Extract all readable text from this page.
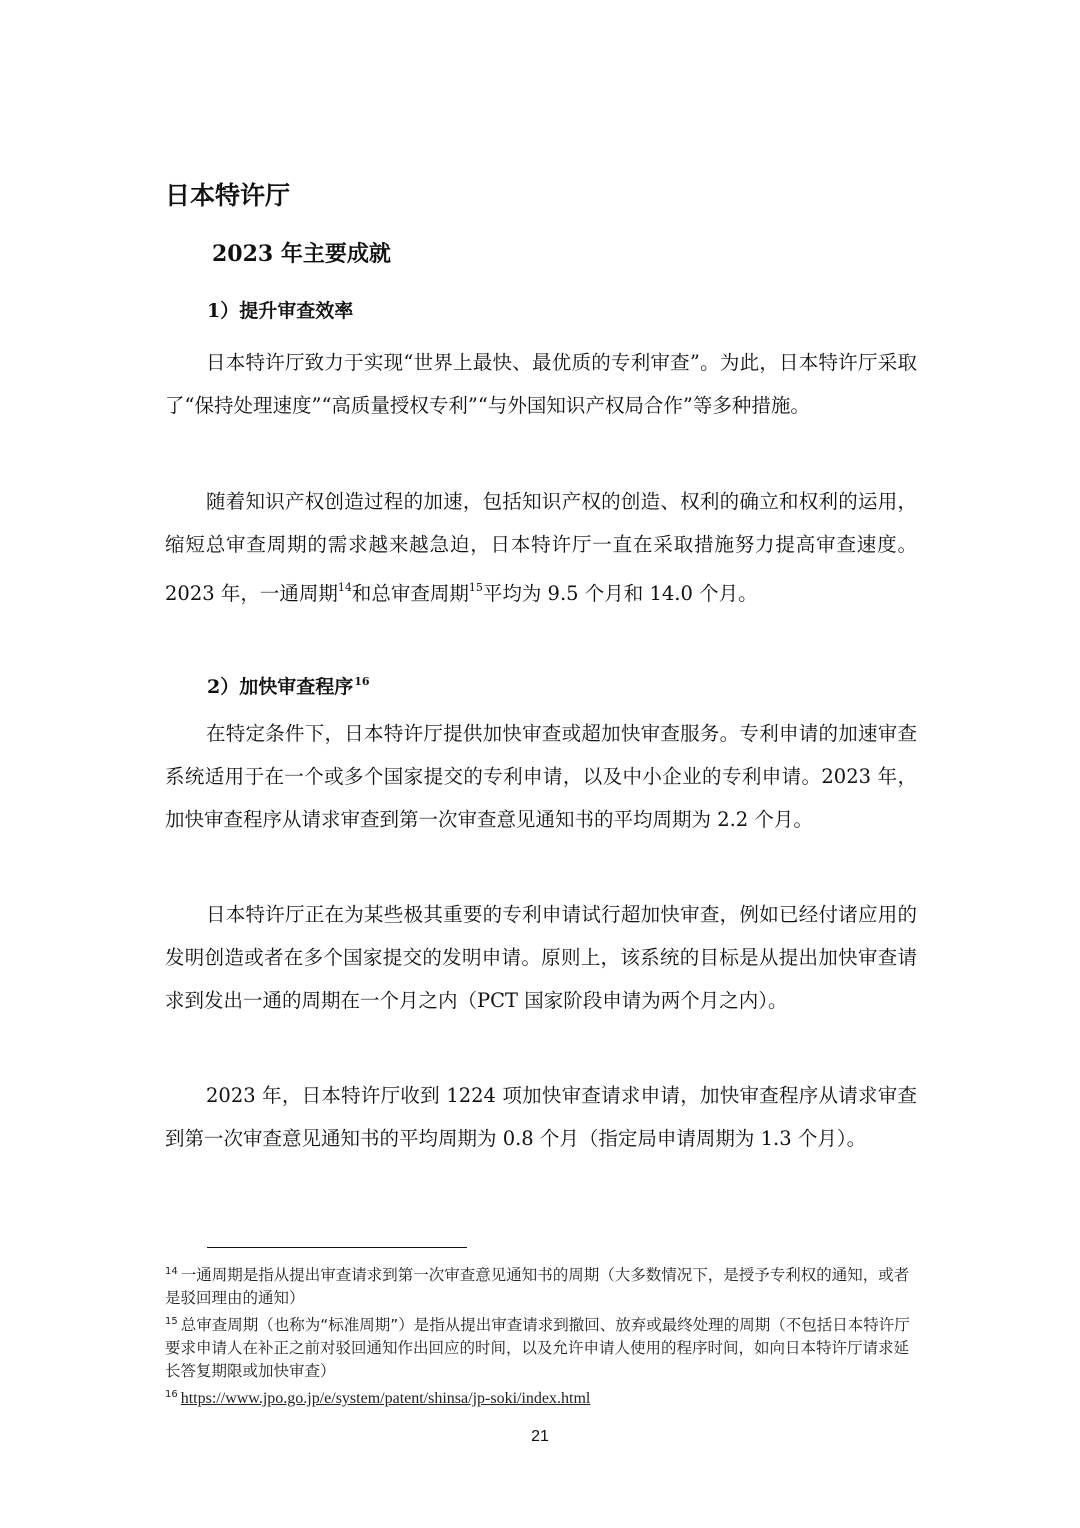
日本特许厅
2023 年主要成就
1）提升审查效率

日本特许厅致力于实现“世界上最快、最优质的专利审查”。为此，日本特许厅采取了“保持处理速度”“高质量授权专利”“与外国知识产权局合作”等多种措施。

随着知识产权创造过程的加速，包括知识产权的创造、权利的确立和权利的运用，缩短总审查周期的需求越来越急迫，日本特许厅一直在采取措施努力提高审查速度。2023 年，一通周期$^{14}$和总审查周期$^{15}$平均为 9.5 个月和 14.0 个月。

2）加快审查程序$^{16}$

在特定条件下，日本特许厅提供加快审查或超加快审查服务。专利申请的加速审查系统适用于在一个或多个国家提交的专利申请，以及中小企业的专利申请。2023 年，加快审查程序从请求审查到第一次审查意见通知书的平均周期为 2.2 个月。

日本特许厅正在为某些极其重要的专利申请试行超加快审查，例如已经付诸应用的发明创造或者在多个国家提交的发明申请。原则上，该系统的目标是从提出加快审查请求到发出一通的周期在一个月之内（PCT 国家阶段申请为两个月之内）。

2023 年，日本特许厅收到 1224 项加快审查请求申请，加快审查程序从请求审查到第一次审查意见通知书的平均周期为 0.8 个月（指定局申请周期为 1.3 个月）。

$^{14}$ 一通周期是指从提出审查请求到第一次审查意见通知书的周期（大多数情况下，是授予专利权的通知，或者是驳回理由的通知）

$^{15}$ 总审查周期（也称为“标准周期”）是指从提出审查请求到撤回、放弃或最终处理的周期（不包括日本特许厅要求申请人在补正之前对驳回通知作出回应的时间，以及允许申请人使用的程序时间，如向日本特许厅请求延长答复期限或加快审查）

$^{16}$ https://www.jpo.go.jp/e/system/patent/shinsa/jp-soki/index.html

21
